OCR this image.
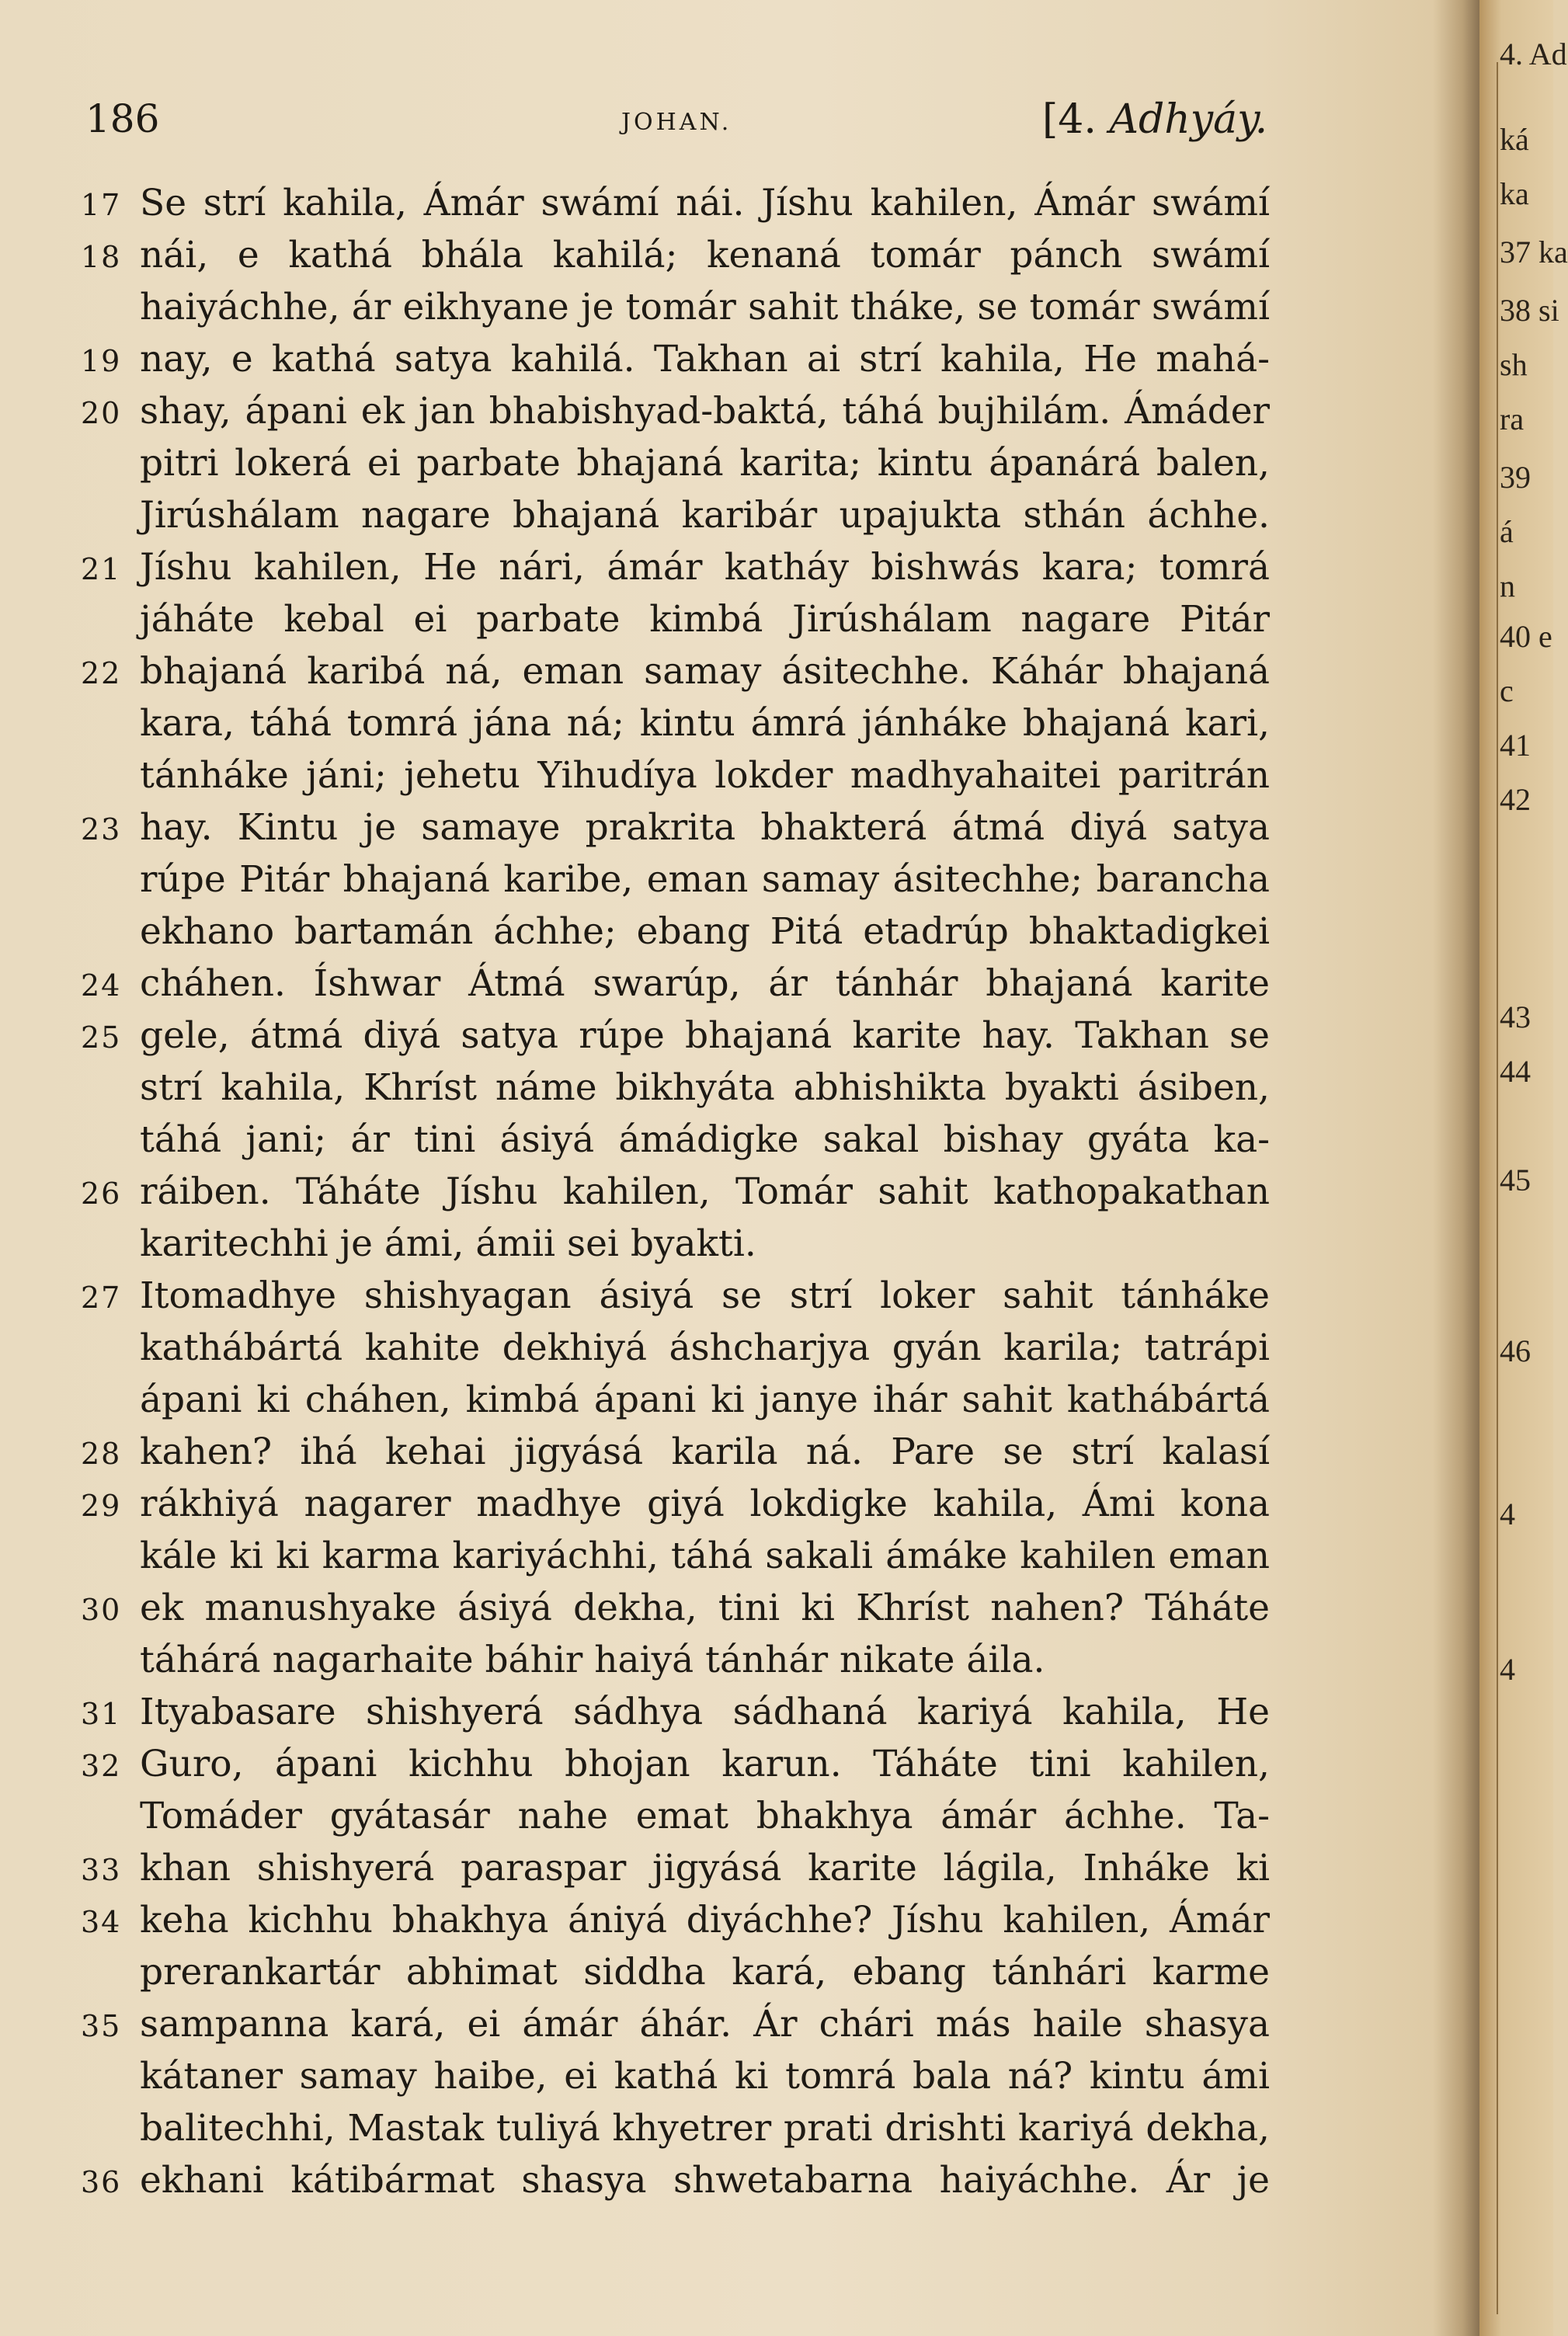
186	JOHAN.	[4. Adhyáy.
17 Se strí kahila, Ámár swámí nái. Jíshu kahilen, Ámár swámí
18 nái, e kathá bhála kahilá; kenaná tomár pánch swámí
haiyáchhe, ár eikhyane je tomár sahit tháke, se tomár swámí
19 nay, e kathá satya kahilá. Takhan ai strí kahila, He mahá-
20 shay, ápani ek jan bhabishyad-baktá, táhá bujhilám. Ámáder
pitri lokerá ei parbate bhajaná karita; kintu ápanárá balen,
Jirúshálam nagare bhajaná karibár upajukta sthán áchhe.
21 Jíshu kahilen, He nári, ámár katháy bishwás kara; tomrá
jáháte kebal ei parbate kimbá Jirúshálam nagare Pitár
22 bhajaná karibá ná, eman samay ásitechhe. Káhár bhajaná
kara, táhá tomrá jána ná; kintu ámrá jánháke bhajaná kari,
tánháke jáni; jehetu Yihudíya lokder madhyahaitei paritrán
23 hay. Kintu je samaye prakrita bhakterá átmá diyá satya
rúpe Pitár bhajaná karibe, eman samay ásitechhe; barancha
ekhano bartamán áchhe; ebang Pitá etadrúp bhaktadigkei
24 cháhen. Íshwar Átmá swarúp, ár tánhár bhajaná karite
25 gele, átmá diyá satya rúpe bhajaná karite hay. Takhan se
strí kahila, Khríst náme bikhyáta abhishikta byakti ásiben,
táhá jani; ár tini ásiyá ámádigke sakal bishay gyáta ka-
26 ráiben. Táháte Jíshu kahilen, Tomár sahit kathopakathan
karitechhi je ámi, ámii sei byakti.
27 Itomadhye shishyagan ásiyá se strí loker sahit tánháke
kathábártá kahite dekhiyá áshcharjya gyán karila; tatrápi
ápani ki cháhen, kimbá ápani ki janye ihár sahit kathábártá
28 kahen? ihá kehai jigyásá karila ná. Pare se strí kalasí
29 rákhiyá nagarer madhye giyá lokdigke kahila, Ámi kona
kále ki ki karma kariyáchhi, táhá sakali ámáke kahilen eman
30 ek manushyake ásiyá dekha, tini ki Khríst nahen? Táháte
táhárá nagarhaite báhir haiyá tánhár nikate áila.
31 Ityabasare shishyerá sádhya sádhaná kariyá kahila, He
32 Guro, ápani kichhu bhojan karun. Táháte tini kahilen,
Tomáder gyátasár nahe emat bhakhya ámár áchhe. Ta-
33 khan shishyerá paraspar jigyásá karite lágila, Inháke ki
34 keha kichhu bhakhya ániyá diyáchhe? Jíshu kahilen, Ámár
prerankartár abhimat siddha kará, ebang tánhári karme
35 sampanna kará, ei ámár áhár. Ár chári más haile shasya
kátaner samay haibe, ei kathá ki tomrá bala ná? kintu ámi
balitechhi, Mastak tuliyá khyetrer prati drishti kariyá dekha,
36 ekhani kátibármat shasya shwetabarna haiyáchhe. Ár je
4. Ad
ká
ka
37 ka
38 si
sh
ra
39
á
n
40 e
c
41
42
43
44
45
46
4
4
